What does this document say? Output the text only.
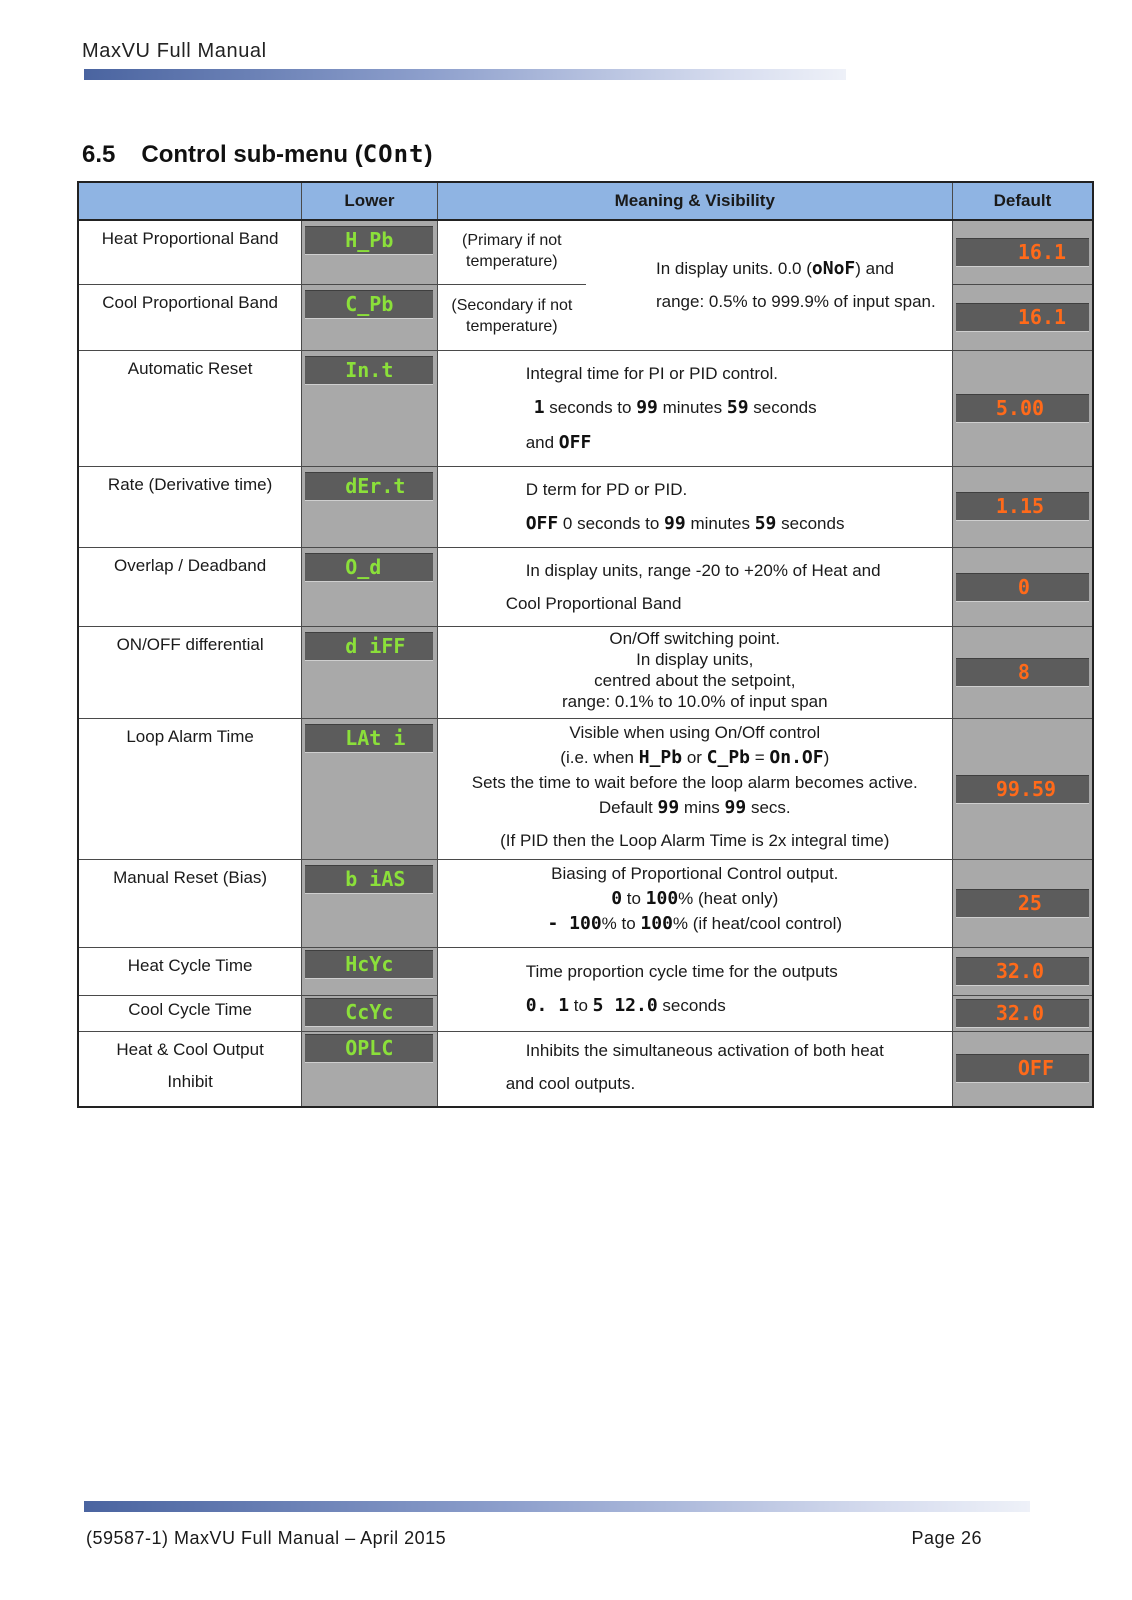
MaxVU Full Manual
6.5 Control sub-menu (COnt)
	Lower	Meaning & Visibility		Default
Heat Proportional Band	H_Pb	(Primary if not temperature)	In display units. 0.0 (oNoF) and
range: 0.5% to 999.9% of input span.	16.1

Cool Proportional Band	C_Pb	(Secondary if not temperature)		16.1

Automatic Reset	In.t	Integral time for PI or PID control.
1 seconds to 99 minutes 59 seconds
and OFF		5.00

Rate (Derivative time)	dEr.t	D term for PD or PID.
OFF 0 seconds to 99 minutes 59 seconds		1.15

Overlap / Deadband	O_d	In display units, range -20 to +20% of Heat and
Cool Proportional Band		0

ON/OFF differential	d iFF	On/Off switching point.
In display units,
centred about the setpoint,
range: 0.1% to 10.0% of input span		8

Loop Alarm Time	LAt i	Visible when using On/Off control
(i.e. when H_Pb or C_Pb = On.OF)
Sets the time to wait before the loop alarm becomes active.
Default 99 mins 99 secs.
(If PID then the Loop Alarm Time is 2x integral time)		99.59

Manual Reset (Bias)	b iAS	Biasing of Proportional Control output.
0 to 100% (heat only)
- 100% to 100% (if heat/cool control)		25

Heat Cycle Time	HcYc	Time proportion cycle time for the outputs
0. 1 to 5 12.0 seconds		32.0

Cool Cycle Time	CcYc			32.0

Heat & Cool Output
Inhibit	OPLC	Inhibits the simultaneous activation of both heat
and cool outputs.		OFF
(59587-1) MaxVU Full Manual – April 2015	Page 26
